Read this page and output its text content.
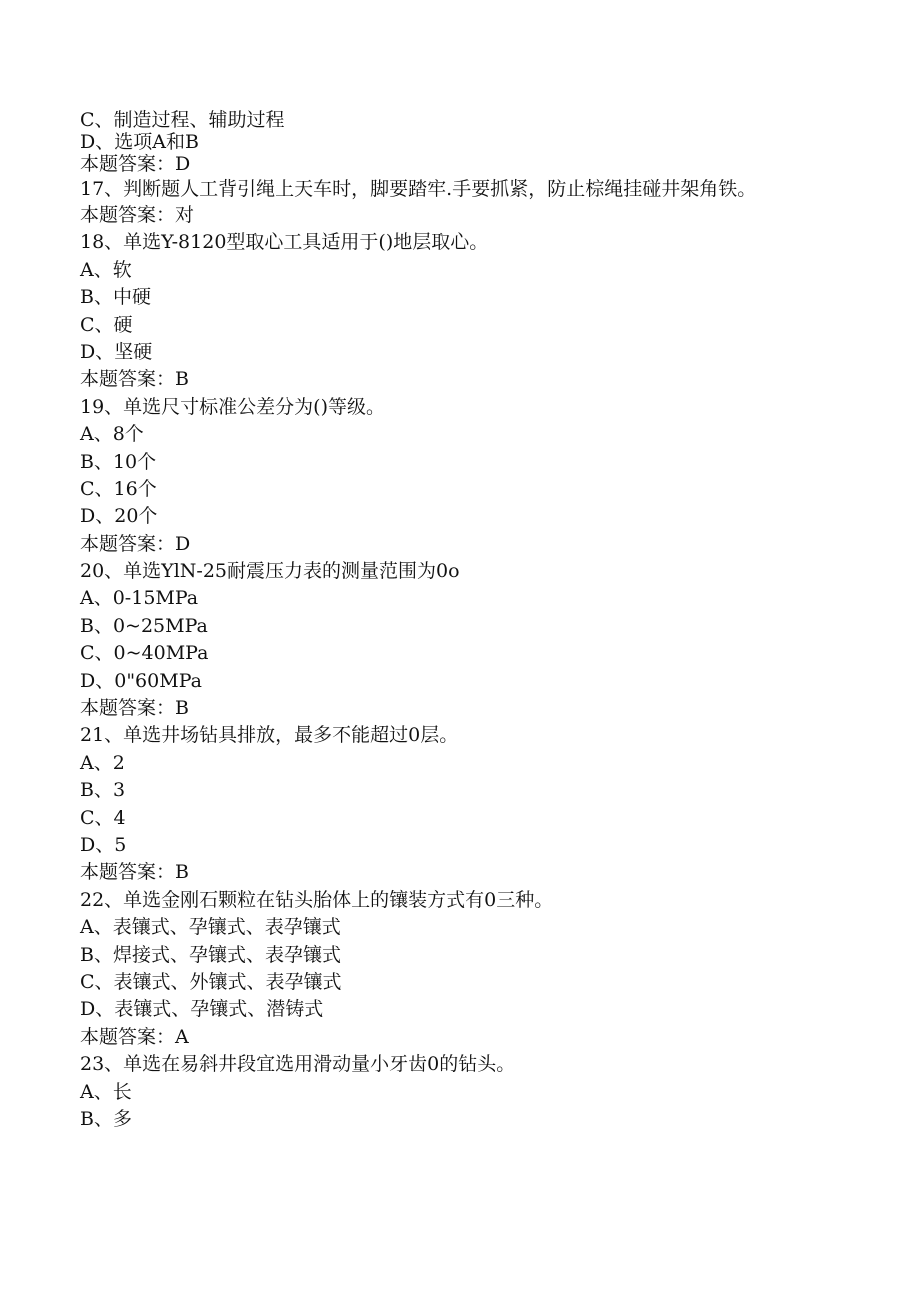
C、制造过程、辅助过程
D、选项A和B
本题答案：D
17、判断题人工背引绳上天车时，脚要踏牢.手要抓紧，防止棕绳挂碰井架角铁。
本题答案：对
18、单选Y-8120型取心工具适用于()地层取心。
A、软
B、中硬
C、硬
D、坚硬
本题答案：B
19、单选尺寸标准公差分为()等级。
A、8个
B、10个
C、16个
D、20个
本题答案：D
20、单选YlN-25耐震压力表的测量范围为0o
A、0-15MPa
B、0~25MPa
C、0~40MPa
D、0"60MPa
本题答案：B
21、单选井场钻具排放，最多不能超过0层。
A、2
B、3
C、4
D、5
本题答案：B
22、单选金刚石颗粒在钻头胎体上的镶装方式有0三种。
A、表镶式、孕镶式、表孕镶式
B、焊接式、孕镶式、表孕镶式
C、表镶式、外镶式、表孕镶式
D、表镶式、孕镶式、潜铸式
本题答案：A
23、单选在易斜井段宜选用滑动量小牙齿0的钻头。
A、长
B、多
